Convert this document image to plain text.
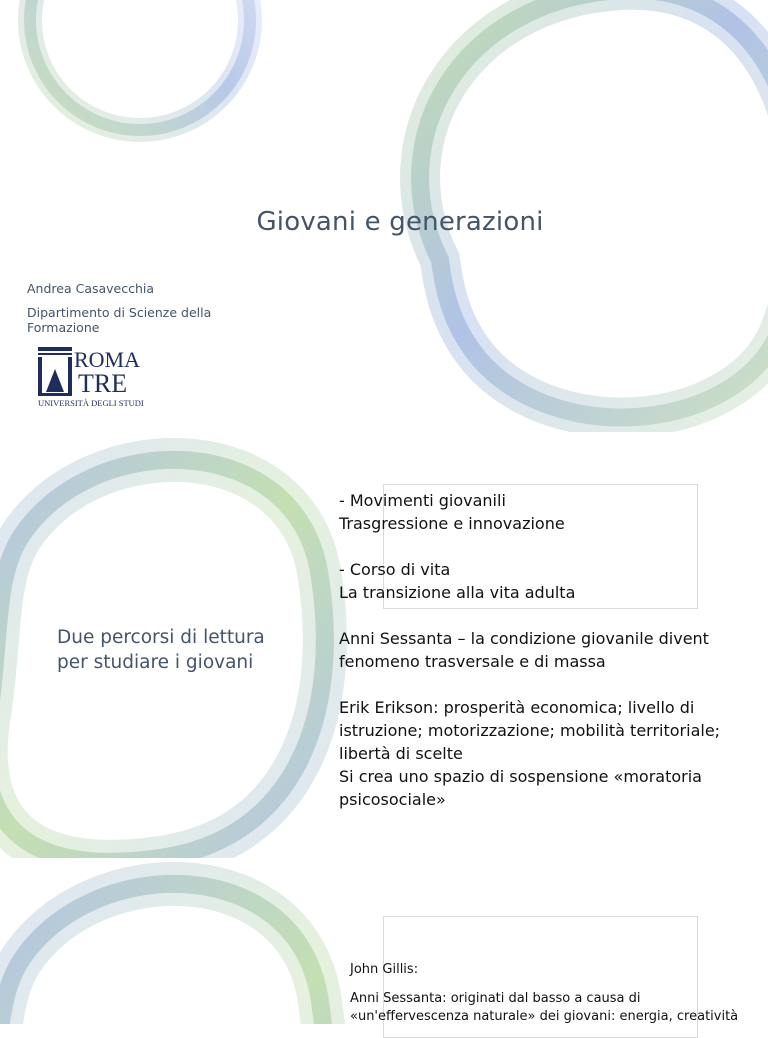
Giovani e generazioni
Andrea Casavecchia
Dipartimento di Scienze della Formazione
ROMA
TRE
UNIVERSITÀ DEGLI STUDI
Due percorsi di lettura per studiare i giovani

- Movimenti giovanili

Trasgressione e innovazione

- Corso di vita

La transizione alla vita adulta

Anni Sessanta – la condizione giovanile divent

fenomeno trasversale e di massa

Erik Erikson: prosperità economica; livello di

istruzione; motorizzazione; mobilità territoriale;

libertà di scelte

Si crea uno spazio di sospensione «moratoria

psicosociale»

John Gillis:

Anni Sessanta: originati dal basso a causa di

«un'effervescenza naturale» dei giovani: energia, creatività
